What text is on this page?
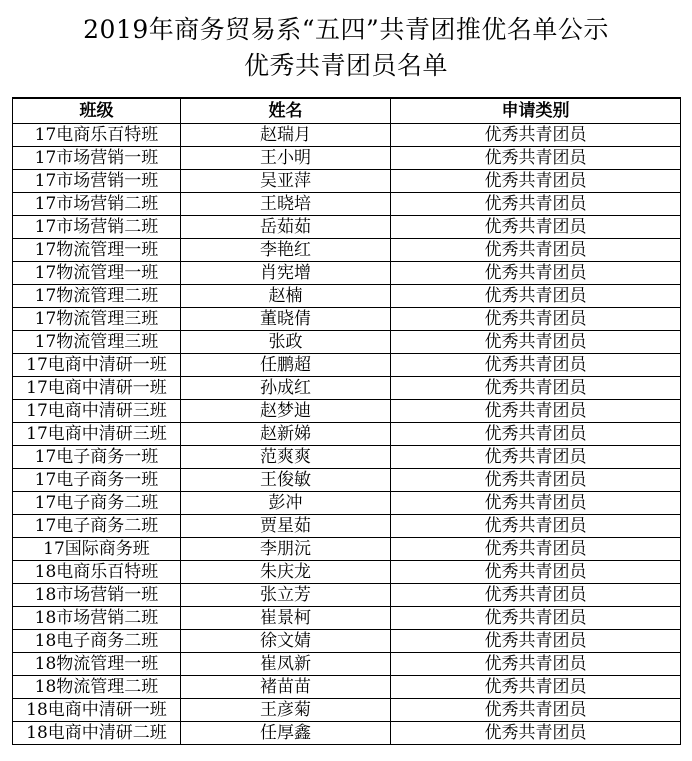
2019年商务贸易系“五四”共青团推优名单公示
优秀共青团员名单
班级	姓名	申请类别
17电商乐百特班	赵瑞月	优秀共青团员
17市场营销一班	王小明	优秀共青团员
17市场营销一班	吴亚萍	优秀共青团员
17市场营销二班	王晓培	优秀共青团员
17市场营销二班	岳茹茹	优秀共青团员
17物流管理一班	李艳红	优秀共青团员
17物流管理一班	肖宪增	优秀共青团员
17物流管理二班	赵楠	优秀共青团员
17物流管理三班	董晓倩	优秀共青团员
17物流管理三班	张政	优秀共青团员
17电商中清研一班	任鹏超	优秀共青团员
17电商中清研一班	孙成红	优秀共青团员
17电商中清研三班	赵梦迪	优秀共青团员
17电商中清研三班	赵新娣	优秀共青团员
17电子商务一班	范爽爽	优秀共青团员
17电子商务一班	王俊敏	优秀共青团员
17电子商务二班	彭冲	优秀共青团员
17电子商务二班	贾星茹	优秀共青团员
17国际商务班	李朋沅	优秀共青团员
18电商乐百特班	朱庆龙	优秀共青团员
18市场营销一班	张立芳	优秀共青团员
18市场营销二班	崔景柯	优秀共青团员
18电子商务二班	徐文婧	优秀共青团员
18物流管理一班	崔凤新	优秀共青团员
18物流管理二班	褚苗苗	优秀共青团员
18电商中清研一班	王彦菊	优秀共青团员
18电商中清研二班	任厚鑫	优秀共青团员
